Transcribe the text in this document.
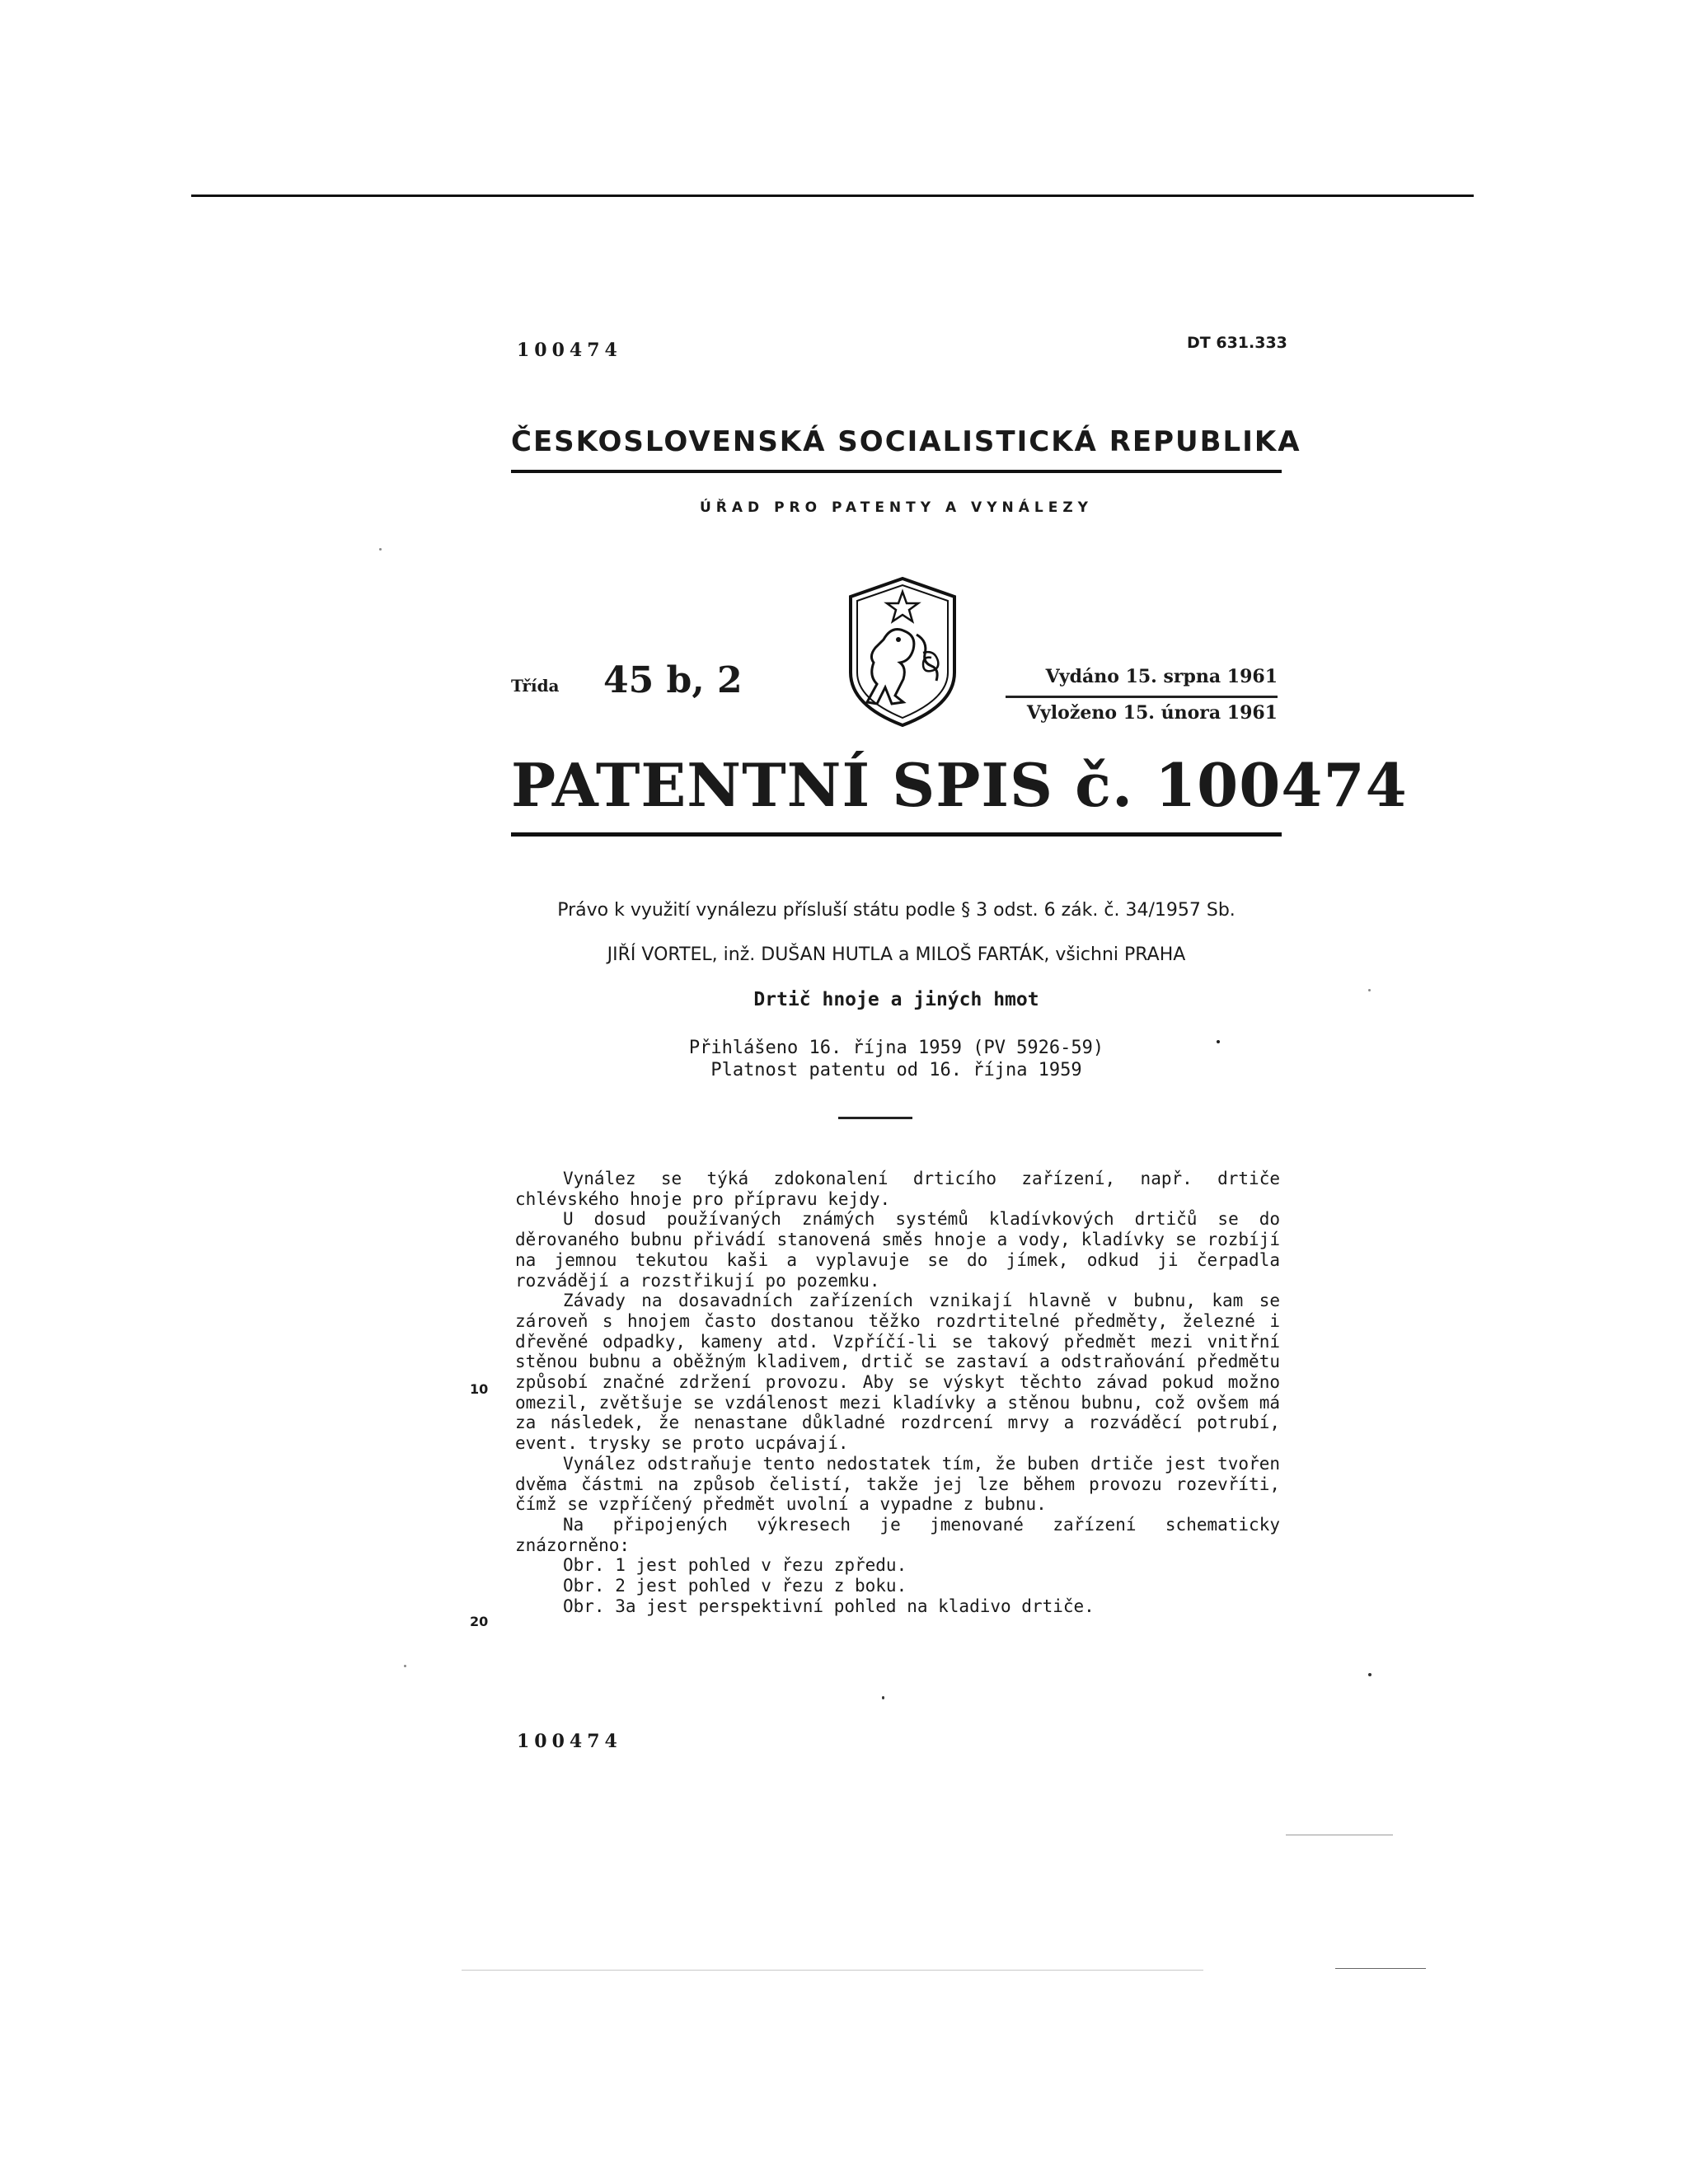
100474	DT 631.333
ČESKOSLOVENSKÁ SOCIALISTICKÁ REPUBLIKA
ÚŘAD PRO PATENTY A VYNÁLEZY
Třída 45 b, 2	Vydáno 15. srpna 1961
Vyloženo 15. února 1961
PATENTNÍ SPIS č. 100474
Právo k využití vynálezu přísluší státu podle § 3 odst. 6 zák. č. 34/1957 Sb.
JIŘÍ VORTEL, inž. DUŠAN HUTLA a MILOŠ FARTÁK, všichni PRAHA
Drtič hnoje a jiných hmot
Přihlášeno 16. října 1959 (PV 5926-59)
Platnost patentu od 16. října 1959

Vynález se týká zdokonalení drticího zařízení, např. drtiče chlévského hnoje pro přípravu kejdy.

U dosud používaných známých systémů kladívkových drtičů se do děrovaného bubnu přivádí stanovená směs hnoje a vody, kladívky se rozbíjí na jemnou tekutou kaši a vyplavuje se do jímek, odkud ji čerpadla rozvádějí a rozstřikují po pozemku.

Závady na dosavadních zařízeních vznikají hlavně v bubnu, kam se zároveň s hnojem často dostanou těžko rozdrtitelné předměty, železné i dřevěné odpadky, kameny atd. Vzpříčí-li se takový předmět mezi vnitřní stěnou bubnu a oběžným kladivem, drtič se zastaví a odstraňování předmětu způsobí značné zdržení provozu. Aby se výskyt těchto závad pokud možno omezil, zvětšuje se vzdálenost mezi kladívky a stěnou bubnu, což ovšem má za následek, že nenastane důkladné rozdrcení mrvy a rozváděcí potrubí, event. trysky se proto ucpávají.

Vynález odstraňuje tento nedostatek tím, že buben drtiče jest tvořen dvěma částmi na způsob čelistí, takže jej lze během provozu rozevříti, čímž se vzpříčený předmět uvolní a vypadne z bubnu.

Na připojených výkresech je jmenované zařízení schematicky znázorněno:

Obr. 1 jest pohled v řezu zpředu.

Obr. 2 jest pohled v řezu z boku.

Obr. 3a jest perspektivní pohled na kladivo drtiče.

10
20
100474
